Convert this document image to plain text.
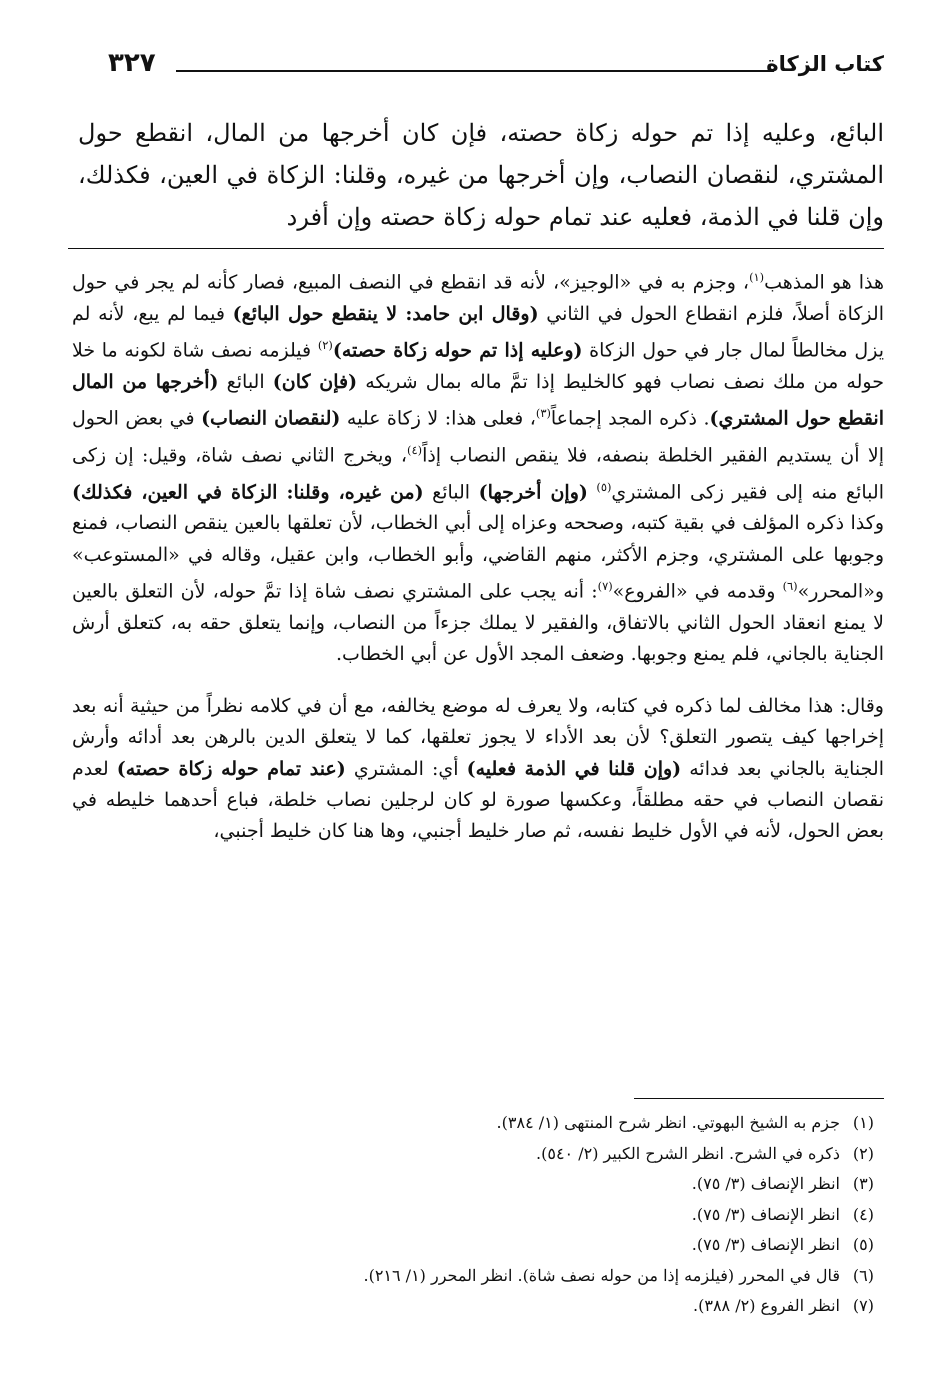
كتاب الزكاة
٣٢٧

البائع، وعليه إذا تم حوله زكاة حصته، فإن كان أخرجها من المال، انقطع حول المشتري، لنقصان النصاب، وإن أخرجها من غيره، وقلنا: الزكاة في العين، فكذلك، وإن قلنا في الذمة، فعليه عند تمام حوله زكاة حصته وإن أفرد

هذا هو المذهب$^{(١)}$، وجزم به في «الوجيز»، لأنه قد انقطع في النصف المبيع، فصار كأنه لم يجر في حول الزكاة أصلاً، فلزم انقطاع الحول في الثاني (وقال ابن حامد: لا ينقطع حول البائع) فيما لم يبع، لأنه لم يزل مخالطاً لمال جار في حول الزكاة (وعليه إذا تم حوله زكاة حصته)$^{(٢)}$ فيلزمه نصف شاة لكونه ما خلا حوله من ملك نصف نصاب فهو كالخليط إذا تمَّ ماله بمال شريكه (فإن كان) البائع (أخرجها من المال انقطع حول المشتري). ذكره المجد إجماعاً$^{(٣)}$، فعلى هذا: لا زكاة عليه (لنقصان النصاب) في بعض الحول إلا أن يستديم الفقير الخلطة بنصفه، فلا ينقص النصاب إذاً$^{(٤)}$، ويخرج الثاني نصف شاة، وقيل: إن زكى البائع منه إلى فقير زكى المشتري$^{(٥)}$ (وإن أخرجها) البائع (من غيره، وقلنا: الزكاة في العين، فكذلك) وكذا ذكره المؤلف في بقية كتبه، وصححه وعزاه إلى أبي الخطاب، لأن تعلقها بالعين ينقص النصاب، فمنع وجوبها على المشتري، وجزم الأكثر، منهم القاضي، وأبو الخطاب، وابن عقيل، وقاله في «المستوعب» و«المحرر»$^{(٦)}$ وقدمه في «الفروع»$^{(٧)}$: أنه يجب على المشتري نصف شاة إذا تمَّ حوله، لأن التعلق بالعين لا يمنع انعقاد الحول الثاني بالاتفاق، والفقير لا يملك جزءاً من النصاب، وإنما يتعلق حقه به، كتعلق أرش الجناية بالجاني، فلم يمنع وجوبها. وضعف المجد الأول عن أبي الخطاب.

وقال: هذا مخالف لما ذكره في كتابه، ولا يعرف له موضع يخالفه، مع أن في كلامه نظراً من حيثية أنه بعد إخراجها كيف يتصور التعلق؟ لأن بعد الأداء لا يجوز تعلقها، كما لا يتعلق الدين بالرهن بعد أدائه وأرش الجناية بالجاني بعد فدائه (وإن قلنا في الذمة فعليه) أي: المشتري (عند تمام حوله زكاة حصته) لعدم نقصان النصاب في حقه مطلقاً، وعكسها صورة لو كان لرجلين نصاب خلطة، فباع أحدهما خليطه في بعض الحول، لأنه في الأول خليط نفسه، ثم صار خليط أجنبي، وها هنا كان خليط أجنبي،

(١)جزم به الشيخ البهوتي. انظر شرح المنتهى (١/ ٣٨٤).
(٢)ذكره في الشرح. انظر الشرح الكبير (٢/ ٥٤٠).
(٣)انظر الإنصاف (٣/ ٧٥).
(٤)انظر الإنصاف (٣/ ٧٥).
(٥)انظر الإنصاف (٣/ ٧٥).
(٦)قال في المحرر (فيلزمه إذا من حوله نصف شاة). انظر المحرر (١/ ٢١٦).
(٧)انظر الفروع (٢/ ٣٨٨).
